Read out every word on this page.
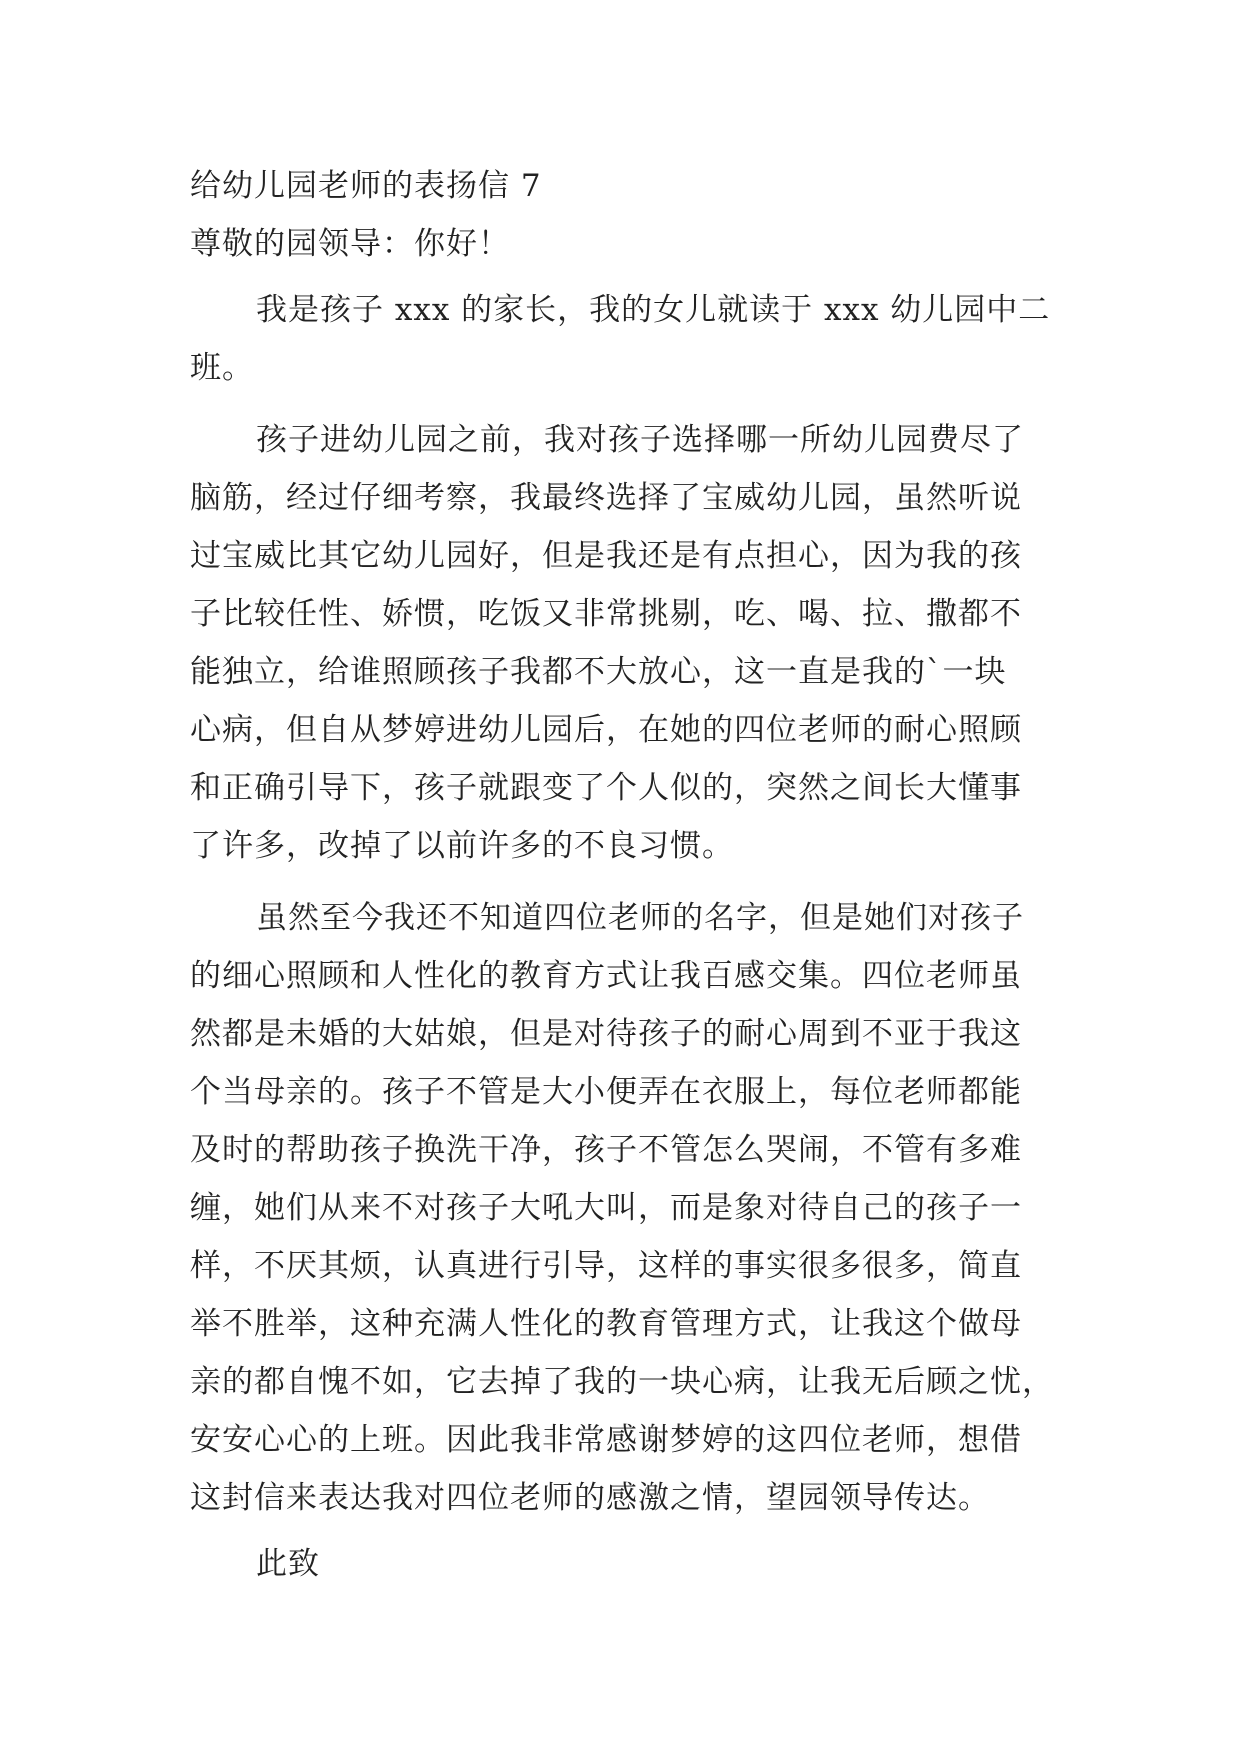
给幼儿园老师的表扬信 7
尊敬的园领导：你好！
我是孩子 xxx 的家长，我的女儿就读于 xxx 幼儿园中二
班。
孩子进幼儿园之前，我对孩子选择哪一所幼儿园费尽了
脑筋，经过仔细考察，我最终选择了宝威幼儿园，虽然听说
过宝威比其它幼儿园好，但是我还是有点担心，因为我的孩
子比较任性、娇惯，吃饭又非常挑剔，吃、喝、拉、撒都不
能独立，给谁照顾孩子我都不大放心，这一直是我的`一块
心病，但自从梦婷进幼儿园后，在她的四位老师的耐心照顾
和正确引导下，孩子就跟变了个人似的，突然之间长大懂事
了许多，改掉了以前许多的不良习惯。
虽然至今我还不知道四位老师的名字，但是她们对孩子
的细心照顾和人性化的教育方式让我百感交集。四位老师虽
然都是未婚的大姑娘，但是对待孩子的耐心周到不亚于我这
个当母亲的。孩子不管是大小便弄在衣服上，每位老师都能
及时的帮助孩子换洗干净，孩子不管怎么哭闹，不管有多难
缠，她们从来不对孩子大吼大叫，而是象对待自己的孩子一
样，不厌其烦，认真进行引导，这样的事实很多很多，简直
举不胜举，这种充满人性化的教育管理方式，让我这个做母
亲的都自愧不如，它去掉了我的一块心病，让我无后顾之忧，
安安心心的上班。因此我非常感谢梦婷的这四位老师，想借
这封信来表达我对四位老师的感激之情，望园领导传达。
此致
